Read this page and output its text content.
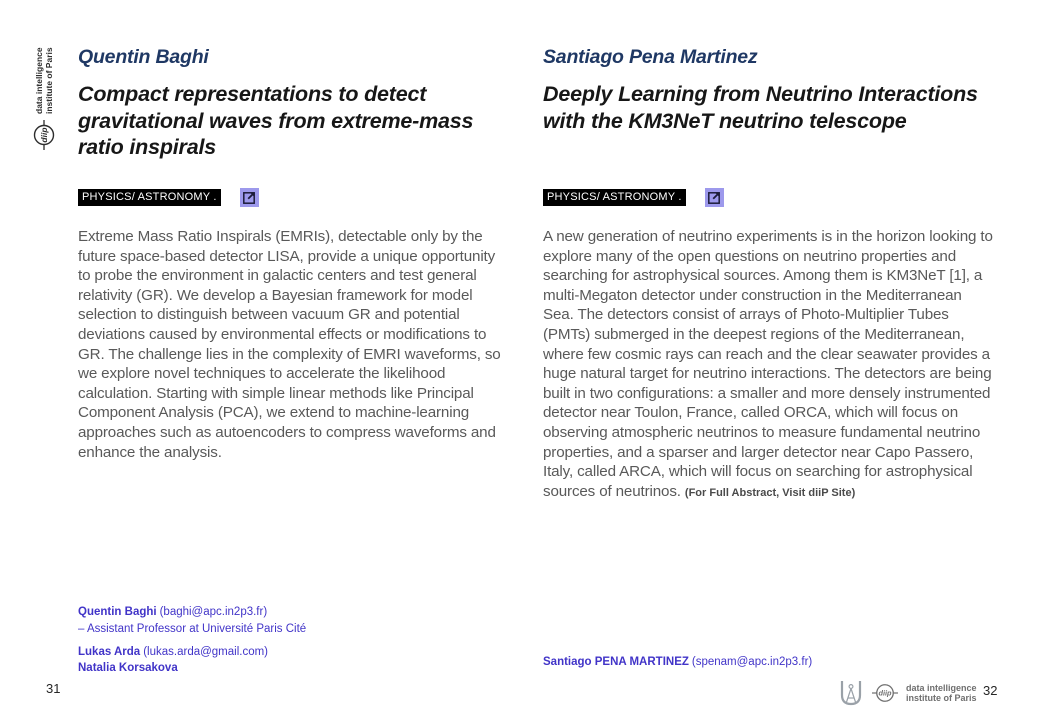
diip
data intelligence institute of Paris Quentin Baghi
Compact representations to detect gravitational waves from extreme-mass ratio inspirals
PHYSICS/ ASTRONOMY .

Extreme Mass Ratio Inspirals (EMRIs), detectable only by the future space-based detector LISA, provide a unique opportunity to probe the environment in galactic centers and test general relativity (GR). We develop a Bayesian framework for model selection to distinguish between vacuum GR and potential deviations caused by environmental effects or modifications to GR. The challenge lies in the complexity of EMRI waveforms, so we explore novel techniques to accelerate the likelihood calculation. Starting with simple linear methods like Principal Component Analysis (PCA), we extend to machine-learning approaches such as autoencoders to compress waveforms and enhance the analysis.

Quentin Baghi (baghi@apc.in2p3.fr)
– Assistant Professor at Université Paris Cité
Lukas Arda (lukas.arda@gmail.com)
Natalia Korsakova
Santiago Pena Martinez
Deeply Learning from Neutrino Interactions with the KM3NeT neutrino telescope
PHYSICS/ ASTRONOMY .

A new generation of neutrino experiments is in the horizon looking to explore many of the open questions on neutrino properties and searching for astrophysical sources. Among them is KM3NeT [1], a multi-Megaton detector under construction in the Mediterranean Sea. The detectors consist of arrays of Photo-Multiplier Tubes (PMTs) submerged in the deepest regions of the Mediterranean, where few cosmic rays can reach and the clear seawater provides a huge natural target for neutrino interactions. The detectors are being built in two configurations: a smaller and more densely instrumented detector near Toulon, France, called ORCA, which will focus on observing atmospheric neutrinos to measure fundamental neutrino properties, and a sparser and larger detector near Capo Passero, Italy, called ARCA, which will focus on searching for astrophysical sources of neutrinos. (For Full Abstract, Visit diiP Site)

Santiago PENA MARTINEZ (spenam@apc.in2p3.fr)
31	diip
data intelligence
institute of Paris 32
